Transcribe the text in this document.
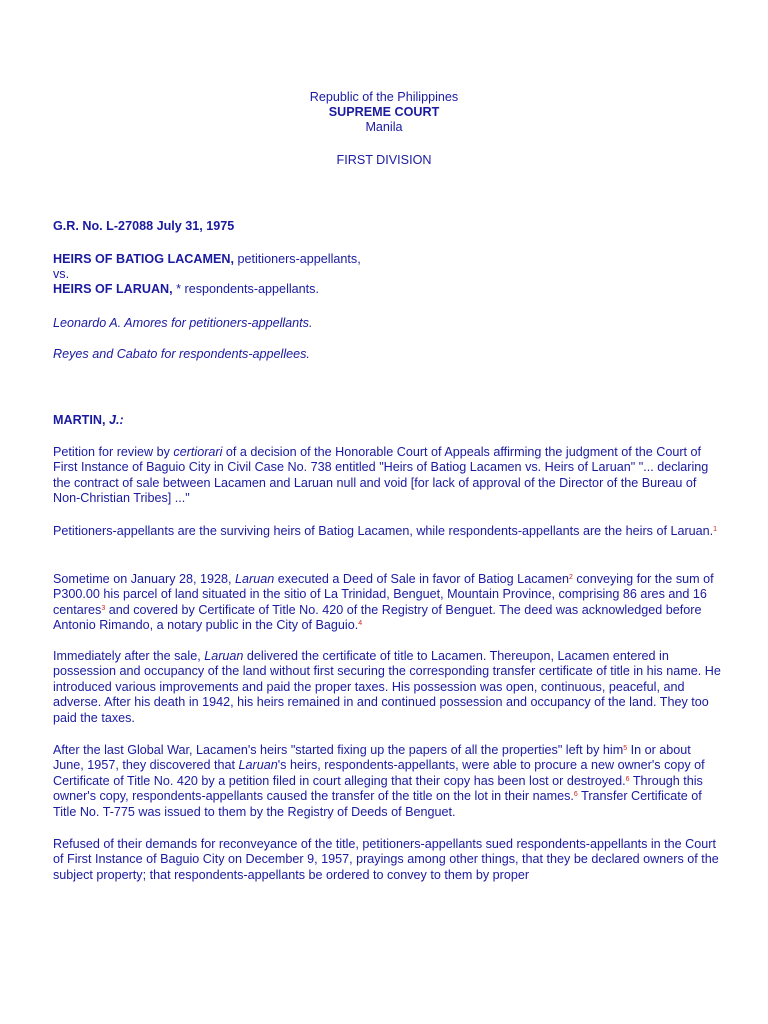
Republic of the Philippines
SUPREME COURT
Manila
FIRST DIVISION
G.R. No. L-27088 July 31, 1975
HEIRS OF BATIOG LACAMEN, petitioners-appellants,
vs.
HEIRS OF LARUAN, * respondents-appellants.
Leonardo A. Amores for petitioners-appellants.
Reyes and Cabato for respondents-appellees.
MARTIN, J.:

Petition for review by certiorari of a decision of the Honorable Court of Appeals affirming the judgment of the Court of First Instance of Baguio City in Civil Case No. 738 entitled "Heirs of Batiog Lacamen vs. Heirs of Laruan" "... declaring the contract of sale between Lacamen and Laruan null and void [for lack of approval of the Director of the Bureau of Non-Christian Tribes] ..."

Petitioners-appellants are the surviving heirs of Batiog Lacamen, while respondents-appellants are the heirs of Laruan.$^1$

Sometime on January 28, 1928, Laruan executed a Deed of Sale in favor of Batiog Lacamen$^2$ conveying for the sum of P300.00 his parcel of land situated in the sitio of La Trinidad, Benguet, Mountain Province, comprising 86 ares and 16 centares$^3$ and covered by Certificate of Title No. 420 of the Registry of Benguet. The deed was acknowledged before Antonio Rimando, a notary public in the City of Baguio.$^4$

Immediately after the sale, Laruan delivered the certificate of title to Lacamen. Thereupon, Lacamen entered in possession and occupancy of the land without first securing the corresponding transfer certificate of title in his name. He introduced various improvements and paid the proper taxes. His possession was open, continuous, peaceful, and adverse. After his death in 1942, his heirs remained in and continued possession and occupancy of the land. They too paid the taxes.

After the last Global War, Lacamen's heirs "started fixing up the papers of all the properties" left by him$^5$ In or about June, 1957, they discovered that Laruan's heirs, respondents-appellants, were able to procure a new owner's copy of Certificate of Title No. 420 by a petition filed in court alleging that their copy has been lost or destroyed.$^6$ Through this owner's copy, respondents-appellants caused the transfer of the title on the lot in their names.$^6$ Transfer Certificate of Title No. T-775 was issued to them by the Registry of Deeds of Benguet.

Refused of their demands for reconveyance of the title, petitioners-appellants sued respondents-appellants in the Court of First Instance of Baguio City on December 9, 1957, prayings among other things, that they be declared owners of the subject property; that respondents-appellants be ordered to convey to them by proper
